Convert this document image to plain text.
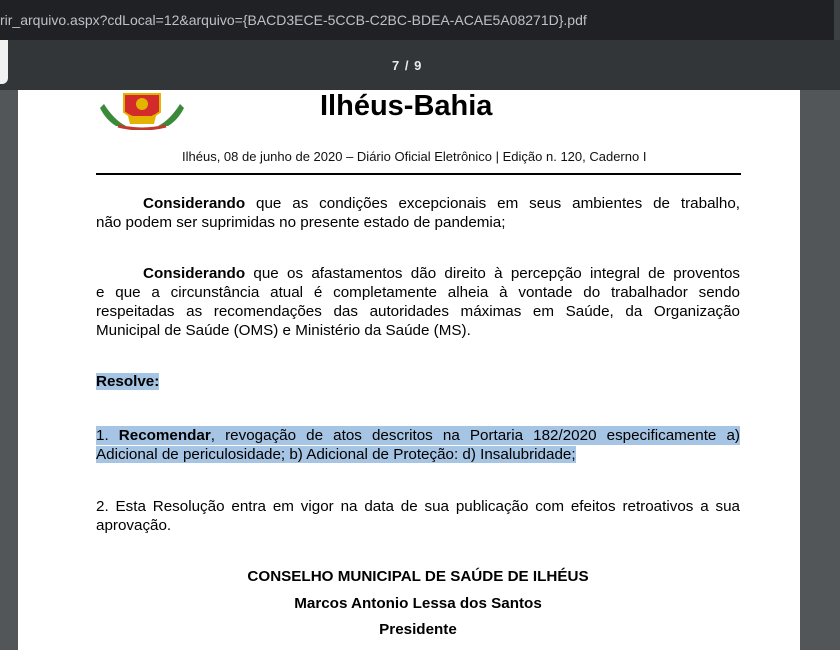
rir_arquivo.aspx?cdLocal=12&arquivo={BACD3ECE-5CCB-C2BC-BDEA-ACAE5A08271D}.pdf
7 / 9
Ilhéus-Bahia
Ilhéus, 08 de junho de 2020 – Diário Oficial Eletrônico | Edição n. 120, Caderno I
Considerando que as condições excepcionais em seus ambientes de trabalho,
não podem ser suprimidas no presente estado de pandemia;
Considerando que os afastamentos dão direito à percepção integral de proventos
e que a circunstância atual é completamente alheia à vontade do trabalhador sendo
respeitadas as recomendações das autoridades máximas em Saúde, da Organização
Municipal de Saúde (OMS) e Ministério da Saúde (MS).
Resolve:
1. Recomendar, revogação de atos descritos na Portaria 182/2020 especificamente a)
Adicional de periculosidade; b) Adicional de Proteção: d) Insalubridade;
2. Esta Resolução entra em vigor na data de sua publicação com efeitos retroativos a sua
aprovação.
CONSELHO MUNICIPAL DE SAÚDE DE ILHÉUS
Marcos Antonio Lessa dos Santos
Presidente
